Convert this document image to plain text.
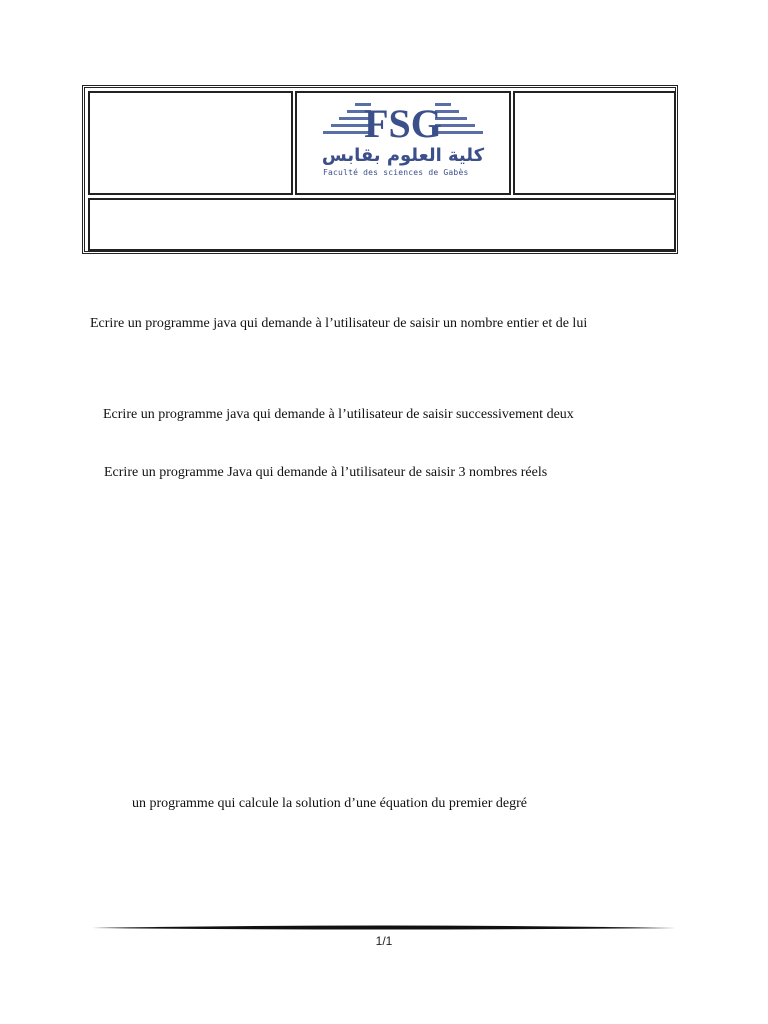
FSG
كلية العلوم بقابس
Faculté des sciences de Gabès
Ecrire un programme java qui demande à l’utilisateur de saisir un nombre entier et de lui
Ecrire un programme java qui demande à l’utilisateur de saisir successivement deux
Ecrire un programme Java qui demande à l’utilisateur de saisir 3 nombres réels
un programme qui calcule la solution d’une équation du premier degré
1/1
